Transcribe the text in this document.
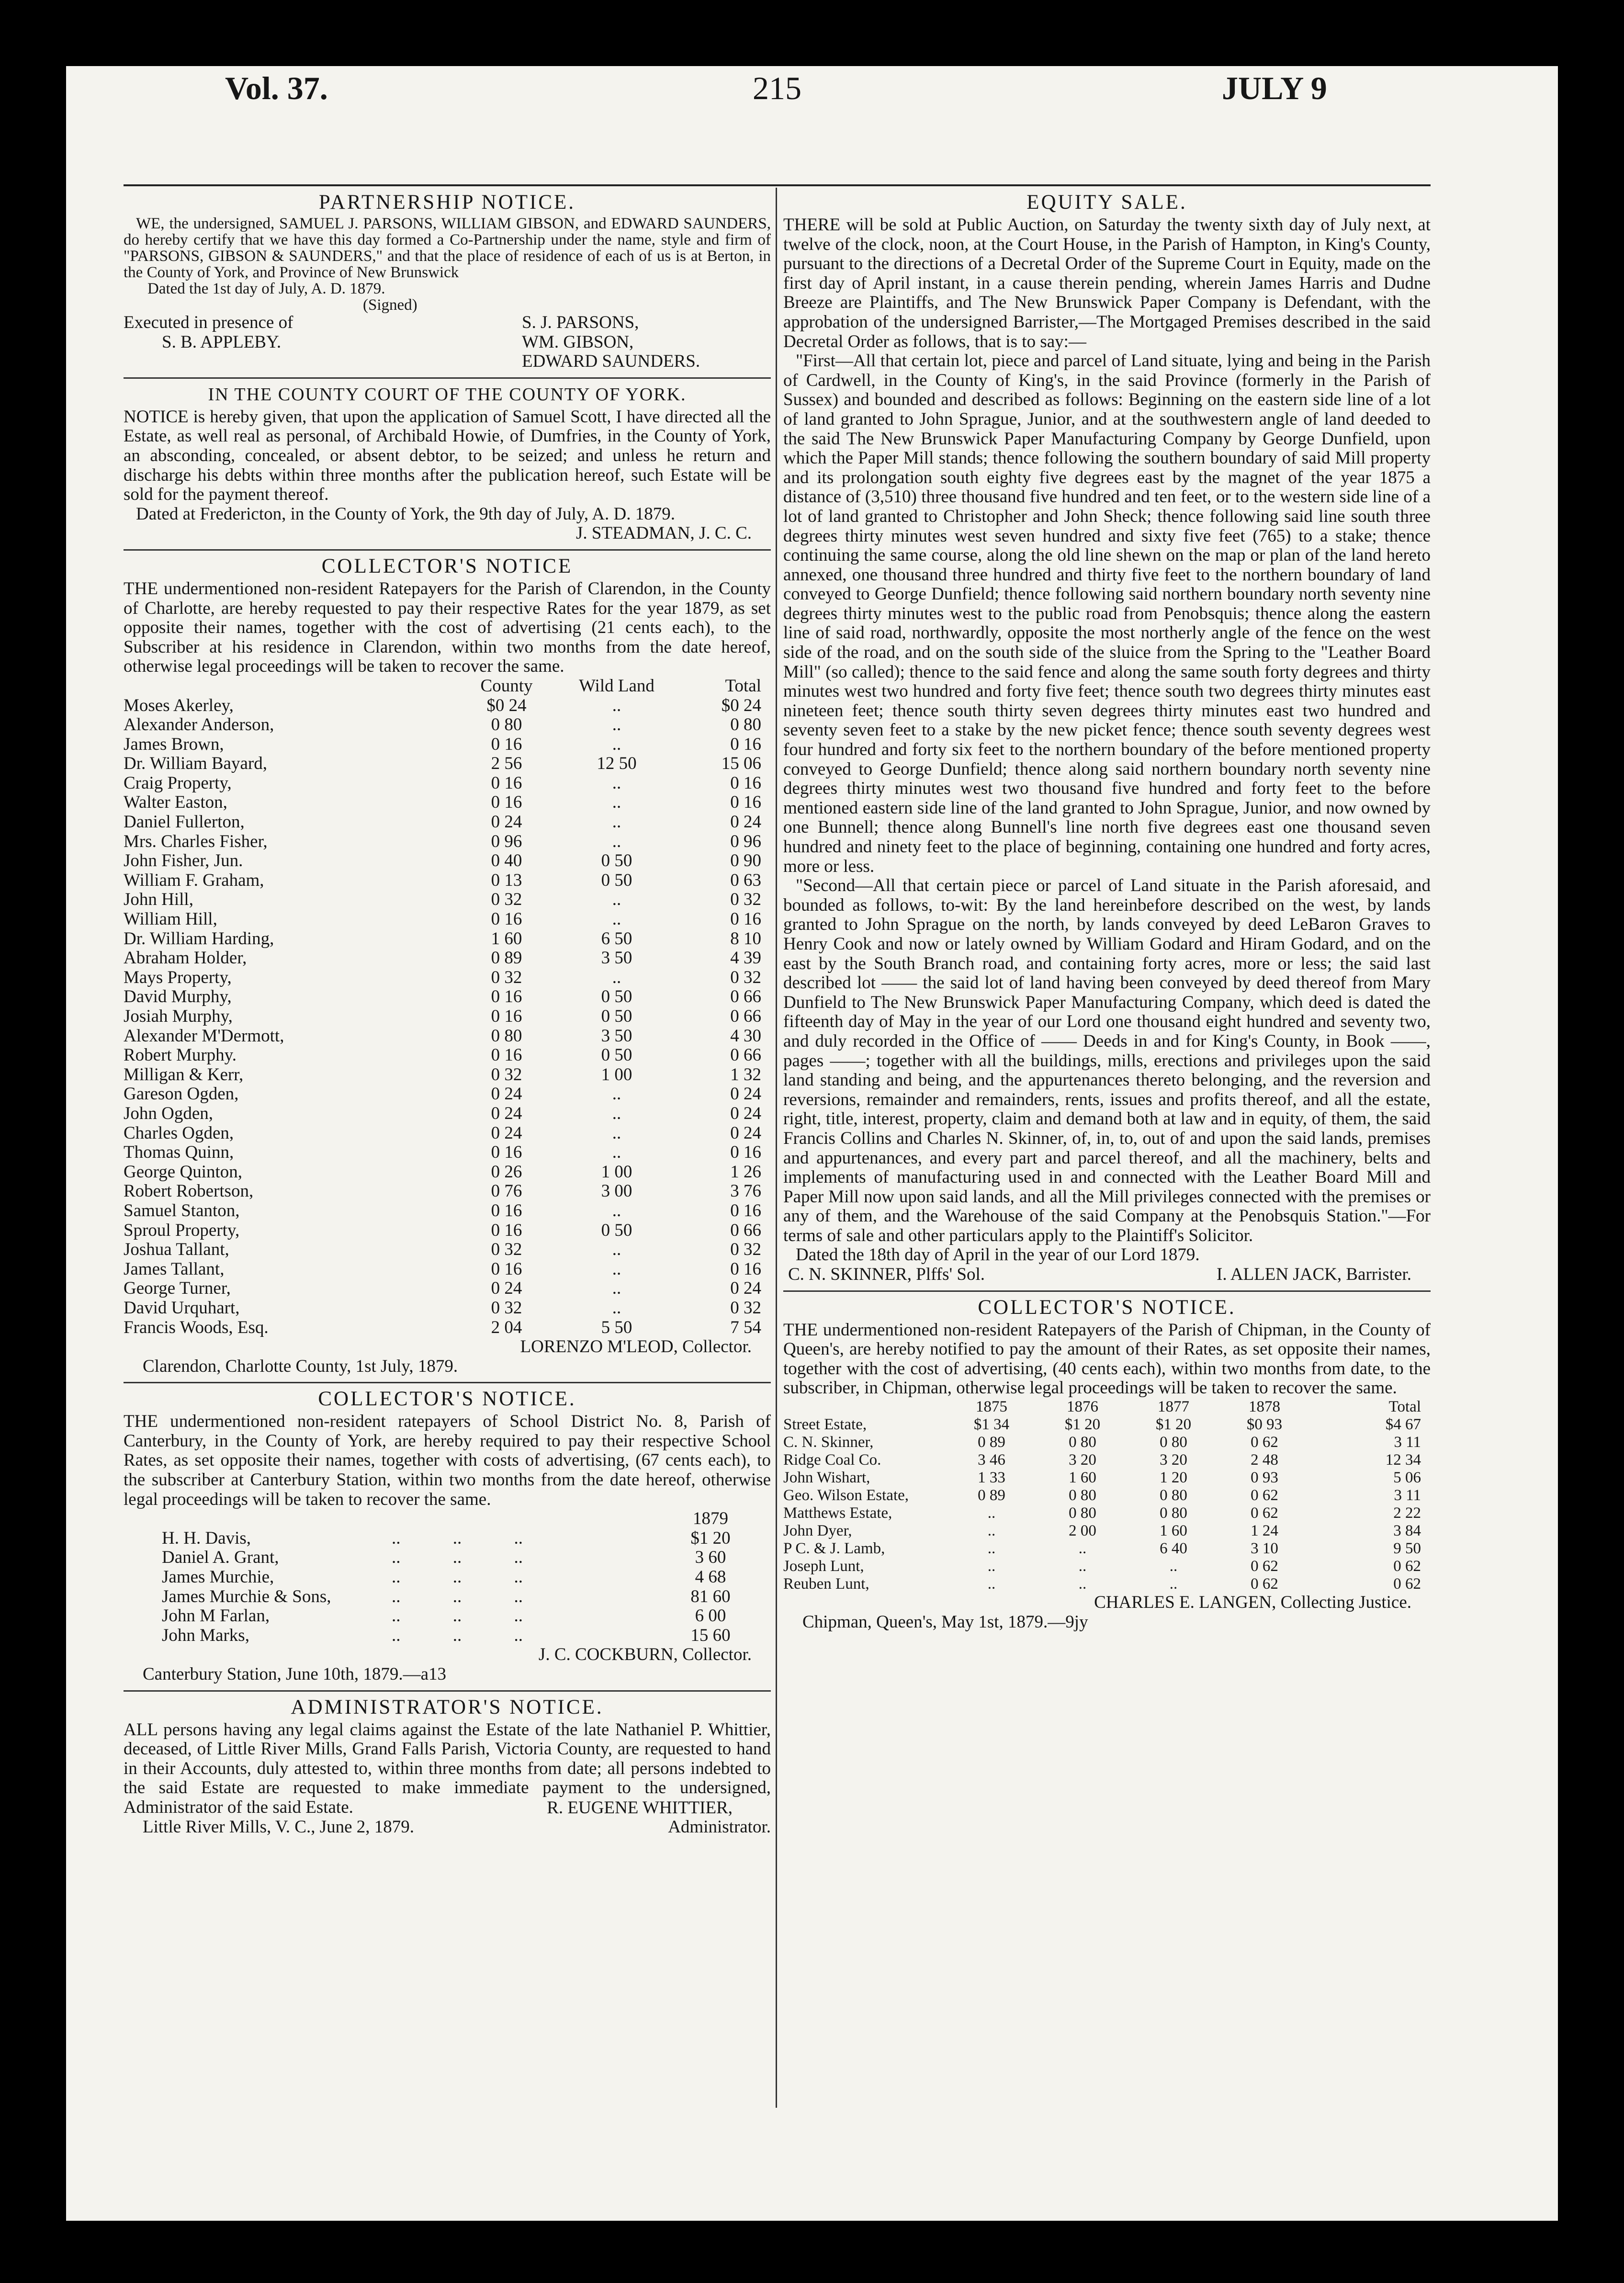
Vol. 37.	215	JULY 9
PARTNERSHIP NOTICE.

WE, the undersigned, SAMUEL J. PARSONS, WILLIAM GIBSON, and EDWARD SAUNDERS, do hereby certify that we have this day formed a Co-Partnership under the name, style and firm of "PARSONS, GIBSON & SAUNDERS," and that the place of residence of each of us is at Berton, in the County of York, and Province of New Brunswick

Dated the 1st day of July, A. D. 1879.

(Signed)
Executed in presence of
S. B. APPLEBY.
S. J. PARSONS,
WM. GIBSON,
EDWARD SAUNDERS.
IN THE COUNTY COURT OF THE COUNTY OF YORK.

NOTICE is hereby given, that upon the application of Samuel Scott, I have directed all the Estate, as well real as personal, of Archibald Howie, of Dumfries, in the County of York, an absconding, concealed, or absent debtor, to be seized; and unless he return and discharge his debts within three months after the publication hereof, such Estate will be sold for the payment thereof.

Dated at Fredericton, in the County of York, the 9th day of July, A. D. 1879.

J. STEADMAN, J. C. C.
COLLECTOR'S NOTICE

THE undermentioned non-resident Ratepayers for the Parish of Clarendon, in the County of Charlotte, are hereby requested to pay their respective Rates for the year 1879, as set opposite their names, together with the cost of advertising (21 cents each), to the Subscriber at his residence in Clarendon, within two months from the date hereof, otherwise legal proceedings will be taken to recover the same.

	County	Wild Land	Total
Moses Akerley,	$0 24	..	$0 24
Alexander Anderson,	0 80	..	0 80
James Brown,	0 16	..	0 16
Dr. William Bayard,	2 56	12 50	15 06
Craig Property,	0 16	..	0 16
Walter Easton,	0 16	..	0 16
Daniel Fullerton,	0 24	..	0 24
Mrs. Charles Fisher,	0 96	..	0 96
John Fisher, Jun.	0 40	0 50	0 90
William F. Graham,	0 13	0 50	0 63
John Hill,	0 32	..	0 32
William Hill,	0 16	..	0 16
Dr. William Harding,	1 60	6 50	8 10
Abraham Holder,	0 89	3 50	4 39
Mays Property,	0 32	..	0 32
David Murphy,	0 16	0 50	0 66
Josiah Murphy,	0 16	0 50	0 66
Alexander M'Dermott,	0 80	3 50	4 30
Robert Murphy.	0 16	0 50	0 66
Milligan & Kerr,	0 32	1 00	1 32
Gareson Ogden,	0 24	..	0 24
John Ogden,	0 24	..	0 24
Charles Ogden,	0 24	..	0 24
Thomas Quinn,	0 16	..	0 16
George Quinton,	0 26	1 00	1 26
Robert Robertson,	0 76	3 00	3 76
Samuel Stanton,	0 16	..	0 16
Sproul Property,	0 16	0 50	0 66
Joshua Tallant,	0 32	..	0 32
James Tallant,	0 16	..	0 16
George Turner,	0 24	..	0 24
David Urquhart,	0 32	..	0 32
Francis Woods, Esq.	2 04	5 50	7 54
LORENZO M'LEOD, Collector.
Clarendon, Charlotte County, 1st July, 1879.
COLLECTOR'S NOTICE.

THE undermentioned non-resident ratepayers of School District No. 8, Parish of Canterbury, in the County of York, are hereby required to pay their respective School Rates, as set opposite their names, together with costs of advertising, (67 cents each), to the subscriber at Canterbury Station, within two months from the date hereof, otherwise legal proceedings will be taken to recover the same.

	1879
H. H. Davis, .. .. ..	$1 20
Daniel A. Grant, .. .. ..	3 60
James Murchie, .. .. ..	4 68
James Murchie & Sons, .. .. ..	81 60
John M Farlan, .. .. ..	6 00
John Marks, .. .. ..	15 60
J. C. COCKBURN, Collector.
Canterbury Station, June 10th, 1879.—a13
ADMINISTRATOR'S NOTICE.

ALL persons having any legal claims against the Estate of the late Nathaniel P. Whittier, deceased, of Little River Mills, Grand Falls Parish, Victoria County, are requested to hand in their Accounts, duly attested to, within three months from date; all persons indebted to the said Estate are requested to make immediate payment to the undersigned, Administrator of the said Estate.	R. EUGENE WHITTIER,
Little River Mills, V. C., June 2, 1879.	Administrator.
EQUITY SALE.

THERE will be sold at Public Auction, on Saturday the twenty sixth day of July next, at twelve of the clock, noon, at the Court House, in the Parish of Hampton, in King's County, pursuant to the directions of a Decretal Order of the Supreme Court in Equity, made on the first day of April instant, in a cause therein pending, wherein James Harris and Dudne Breeze are Plaintiffs, and The New Brunswick Paper Company is Defendant, with the approbation of the undersigned Barrister,—The Mortgaged Premises described in the said Decretal Order as follows, that is to say:—

"First—All that certain lot, piece and parcel of Land situate, lying and being in the Parish of Cardwell, in the County of King's, in the said Province (formerly in the Parish of Sussex) and bounded and described as follows: Beginning on the eastern side line of a lot of land granted to John Sprague, Junior, and at the southwestern angle of land deeded to the said The New Brunswick Paper Manufacturing Company by George Dunfield, upon which the Paper Mill stands; thence following the southern boundary of said Mill property and its prolongation south eighty five degrees east by the magnet of the year 1875 a distance of (3,510) three thousand five hundred and ten feet, or to the western side line of a lot of land granted to Christopher and John Sheck; thence following said line south three degrees thirty minutes west seven hundred and sixty five feet (765) to a stake; thence continuing the same course, along the old line shewn on the map or plan of the land hereto annexed, one thousand three hundred and thirty five feet to the northern boundary of land conveyed to George Dunfield; thence following said northern boundary north seventy nine degrees thirty minutes west to the public road from Penobsquis; thence along the eastern line of said road, northwardly, opposite the most northerly angle of the fence on the west side of the road, and on the south side of the sluice from the Spring to the "Leather Board Mill" (so called); thence to the said fence and along the same south forty degrees and thirty minutes west two hundred and forty five feet; thence south two degrees thirty minutes east nineteen feet; thence south thirty seven degrees thirty minutes east two hundred and seventy seven feet to a stake by the new picket fence; thence south seventy degrees west four hundred and forty six feet to the northern boundary of the before mentioned property conveyed to George Dunfield; thence along said northern boundary north seventy nine degrees thirty minutes west two thousand five hundred and forty feet to the before mentioned eastern side line of the land granted to John Sprague, Junior, and now owned by one Bunnell; thence along Bunnell's line north five degrees east one thousand seven hundred and ninety feet to the place of beginning, containing one hundred and forty acres, more or less.

"Second—All that certain piece or parcel of Land situate in the Parish aforesaid, and bounded as follows, to-wit: By the land hereinbefore described on the west, by lands granted to John Sprague on the north, by lands conveyed by deed LeBaron Graves to Henry Cook and now or lately owned by William Godard and Hiram Godard, and on the east by the South Branch road, and containing forty acres, more or less; the said last described lot —— the said lot of land having been conveyed by deed thereof from Mary Dunfield to The New Brunswick Paper Manufacturing Company, which deed is dated the fifteenth day of May in the year of our Lord one thousand eight hundred and seventy two, and duly recorded in the Office of —— Deeds in and for King's County, in Book ——, pages ——; together with all the buildings, mills, erections and privileges upon the said land standing and being, and the appurtenances thereto belonging, and the reversion and reversions, remainder and remainders, rents, issues and profits thereof, and all the estate, right, title, interest, property, claim and demand both at law and in equity, of them, the said Francis Collins and Charles N. Skinner, of, in, to, out of and upon the said lands, premises and appurtenances, and every part and parcel thereof, and all the machinery, belts and implements of manufacturing used in and connected with the Leather Board Mill and Paper Mill now upon said lands, and all the Mill privileges connected with the premises or any of them, and the Warehouse of the said Company at the Penobsquis Station."—For terms of sale and other particulars apply to the Plaintiff's Solicitor.

Dated the 18th day of April in the year of our Lord 1879.

C. N. SKINNER, Plffs' Sol.	I. ALLEN JACK, Barrister.
COLLECTOR'S NOTICE.

THE undermentioned non-resident Ratepayers of the Parish of Chipman, in the County of Queen's, are hereby notified to pay the amount of their Rates, as set opposite their names, together with the cost of advertising, (40 cents each), within two months from date, to the subscriber, in Chipman, otherwise legal proceedings will be taken to recover the same.

	1875	1876	1877	1878	Total
Street Estate,	$1 34	$1 20	$1 20	$0 93	$4 67
C. N. Skinner,	0 89	0 80	0 80	0 62	3 11
Ridge Coal Co.	3 46	3 20	3 20	2 48	12 34
John Wishart,	1 33	1 60	1 20	0 93	5 06
Geo. Wilson Estate,	0 89	0 80	0 80	0 62	3 11
Matthews Estate,	..	0 80	0 80	0 62	2 22
John Dyer,	..	2 00	1 60	1 24	3 84
P C. & J. Lamb,	..	..	6 40	3 10	9 50
Joseph Lunt,	..	..	..	0 62	0 62
Reuben Lunt,	..	..	..	0 62	0 62
CHARLES E. LANGEN, Collecting Justice.
Chipman, Queen's, May 1st, 1879.—9jy
